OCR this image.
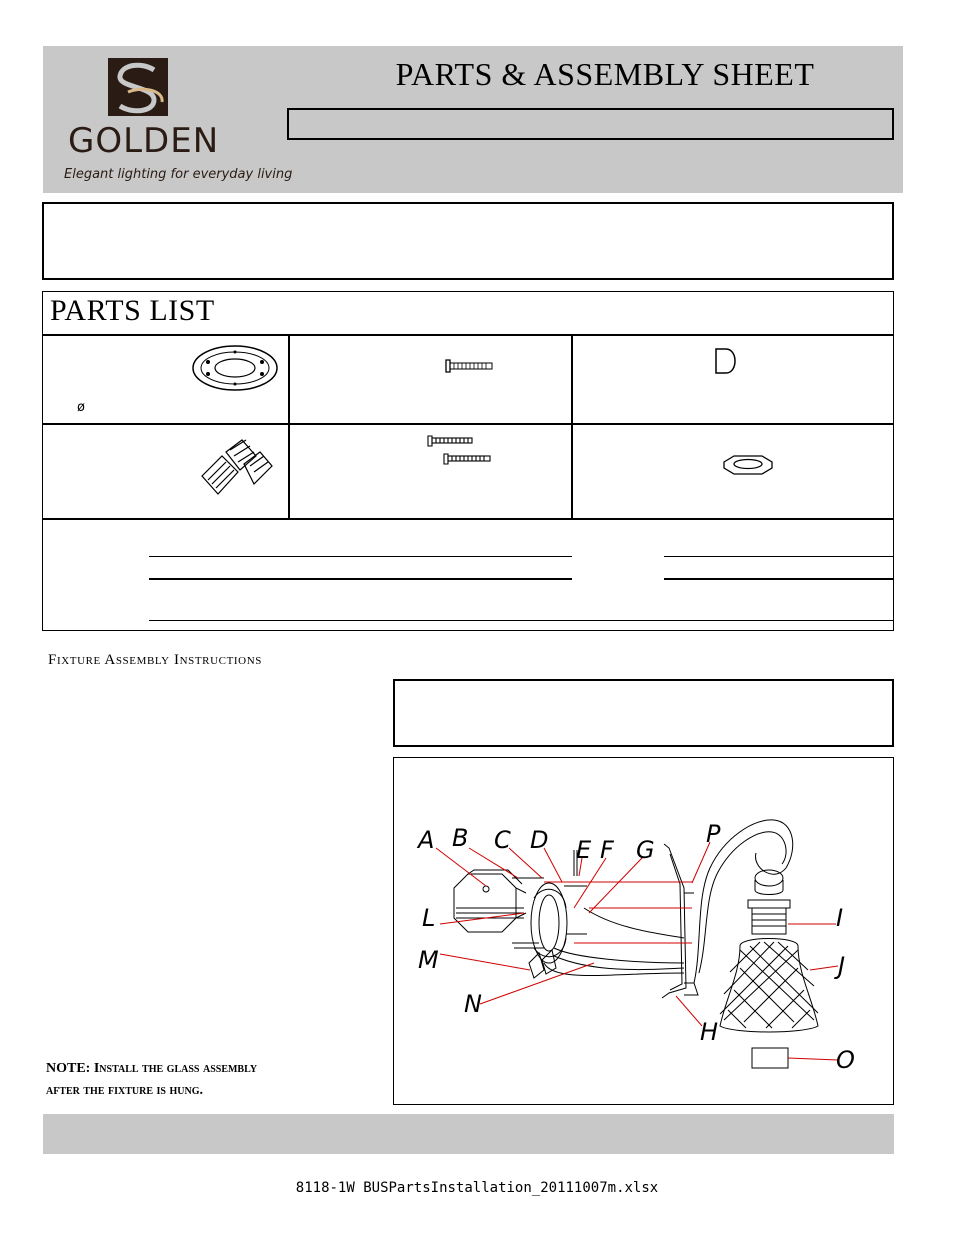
GOLDEN
Elegant lighting for everyday living
PARTS & ASSEMBLY SHEET
PARTS LIST
ø
Fixture Assembly Instructions
A B C D E F G
P
L	I
M	J
N
H
O
NOTE: Install the glass assembly
after the fixture is hung.
8118-1W BUSPartsInstallation_20111007m.xlsx
